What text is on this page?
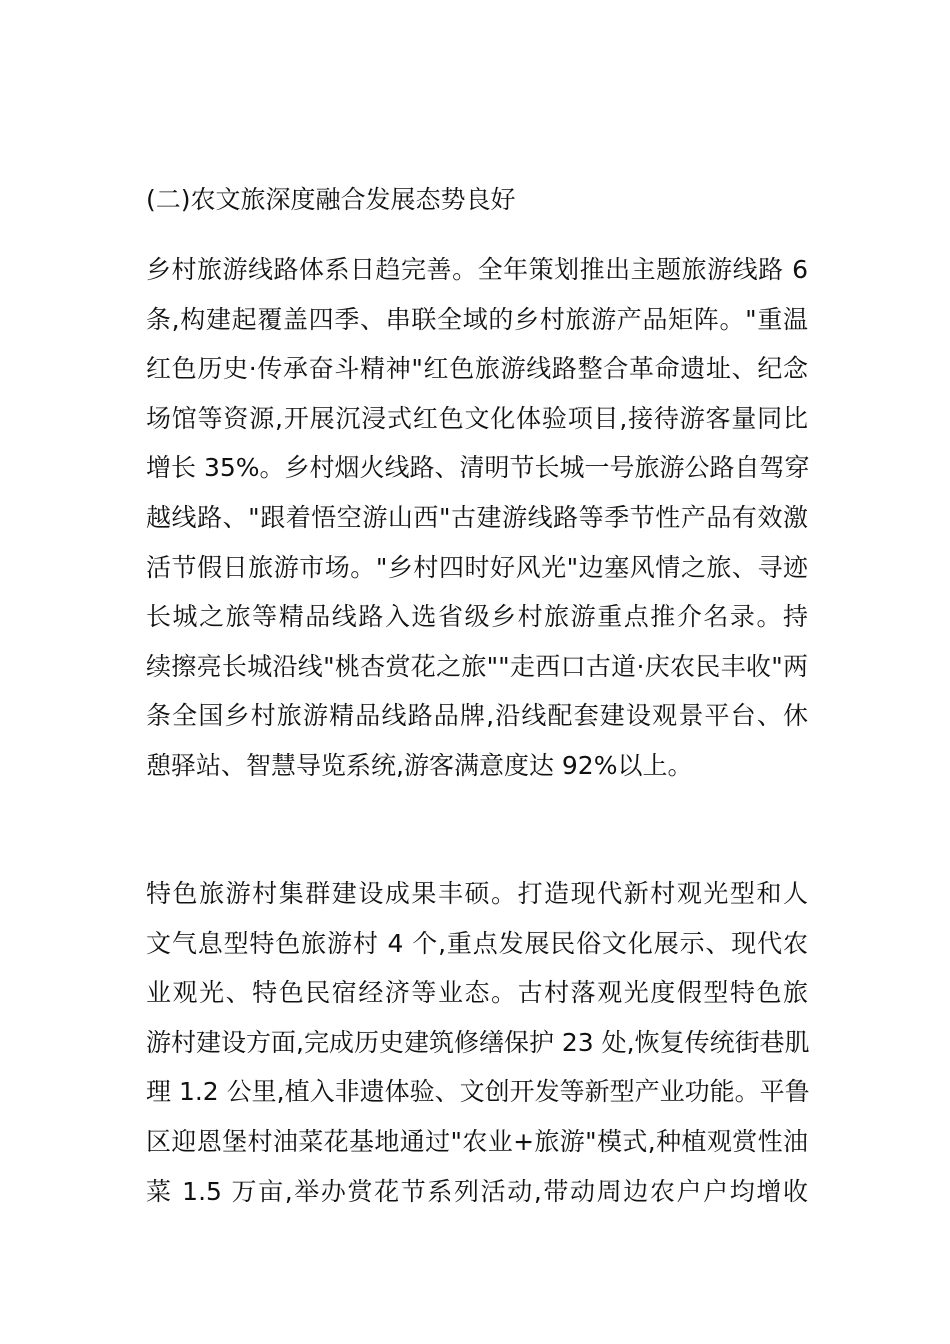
(二)农文旅深度融合发展态势良好
乡村旅游线路体系日趋完善。全年策划推出主题旅游线路 6
条,构建起覆盖四季、串联全域的乡村旅游产品矩阵。"重温
红色历史·传承奋斗精神"红色旅游线路整合革命遗址、纪念
场馆等资源,开展沉浸式红色文化体验项目,接待游客量同比
增长 35%。乡村烟火线路、清明节长城一号旅游公路自驾穿
越线路、"跟着悟空游山西"古建游线路等季节性产品有效激
活节假日旅游市场。"乡村四时好风光"边塞风情之旅、寻迹
长城之旅等精品线路入选省级乡村旅游重点推介名录。持
续擦亮长城沿线"桃杏赏花之旅""走西口古道·庆农民丰收"两
条全国乡村旅游精品线路品牌,沿线配套建设观景平台、休
憩驿站、智慧导览系统,游客满意度达 92%以上。
特色旅游村集群建设成果丰硕。打造现代新村观光型和人
文气息型特色旅游村 4 个,重点发展民俗文化展示、现代农
业观光、特色民宿经济等业态。古村落观光度假型特色旅
游村建设方面,完成历史建筑修缮保护 23 处,恢复传统街巷肌
理 1.2 公里,植入非遗体验、文创开发等新型产业功能。平鲁
区迎恩堡村油菜花基地通过"农业+旅游"模式,种植观赏性油
菜 1.5 万亩,举办赏花节系列活动,带动周边农户户均增收
